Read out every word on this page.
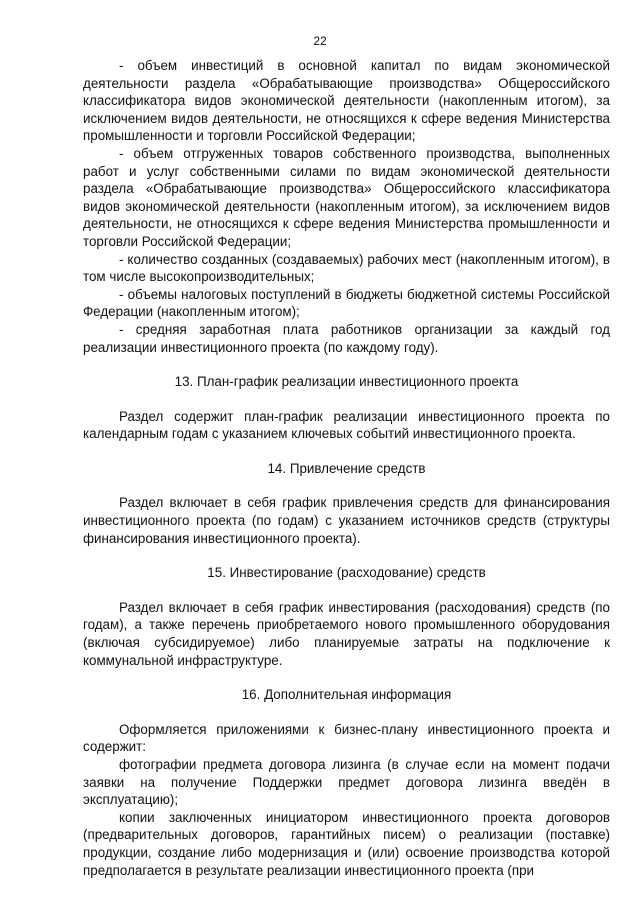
22

- объем инвестиций в основной капитал по видам экономической деятельности раздела «Обрабатывающие производства» Общероссийского классификатора видов экономической деятельности (накопленным итогом), за исключением видов деятельности, не относящихся к сфере ведения Министерства промышленности и торговли Российской Федерации;

- объем отгруженных товаров собственного производства, выполненных работ и услуг собственными силами по видам экономической деятельности раздела «Обрабатывающие производства» Общероссийского классификатора видов экономической деятельности (накопленным итогом), за исключением видов деятельности, не относящихся к сфере ведения Министерства промышленности и торговли Российской Федерации;

- количество созданных (создаваемых) рабочих мест (накопленным итогом), в том числе высокопроизводительных;

- объемы налоговых поступлений в бюджеты бюджетной системы Российской Федерации (накопленным итогом);

- средняя заработная плата работников организации за каждый год реализации инвестиционного проекта (по каждому году).

13. План-график реализации инвестиционного проекта

Раздел содержит план-график реализации инвестиционного проекта по календарным годам с указанием ключевых событий инвестиционного проекта.

14. Привлечение средств

Раздел включает в себя график привлечения средств для финансирования инвестиционного проекта (по годам) с указанием источников средств (структуры финансирования инвестиционного проекта).

15. Инвестирование (расходование) средств

Раздел включает в себя график инвестирования (расходования) средств (по годам), а также перечень приобретаемого нового промышленного оборудования (включая субсидируемое) либо планируемые затраты на подключение к коммунальной инфраструктуре.

16. Дополнительная информация

Оформляется приложениями к бизнес-плану инвестиционного проекта и содержит:

фотографии предмета договора лизинга (в случае если на момент подачи заявки на получение Поддержки предмет договора лизинга введён в эксплуатацию);

копии заключенных инициатором инвестиционного проекта договоров (предварительных договоров, гарантийных писем) о реализации (поставке) продукции, создание либо модернизация и (или) освоение производства которой предполагается в результате реализации инвестиционного проекта (при
